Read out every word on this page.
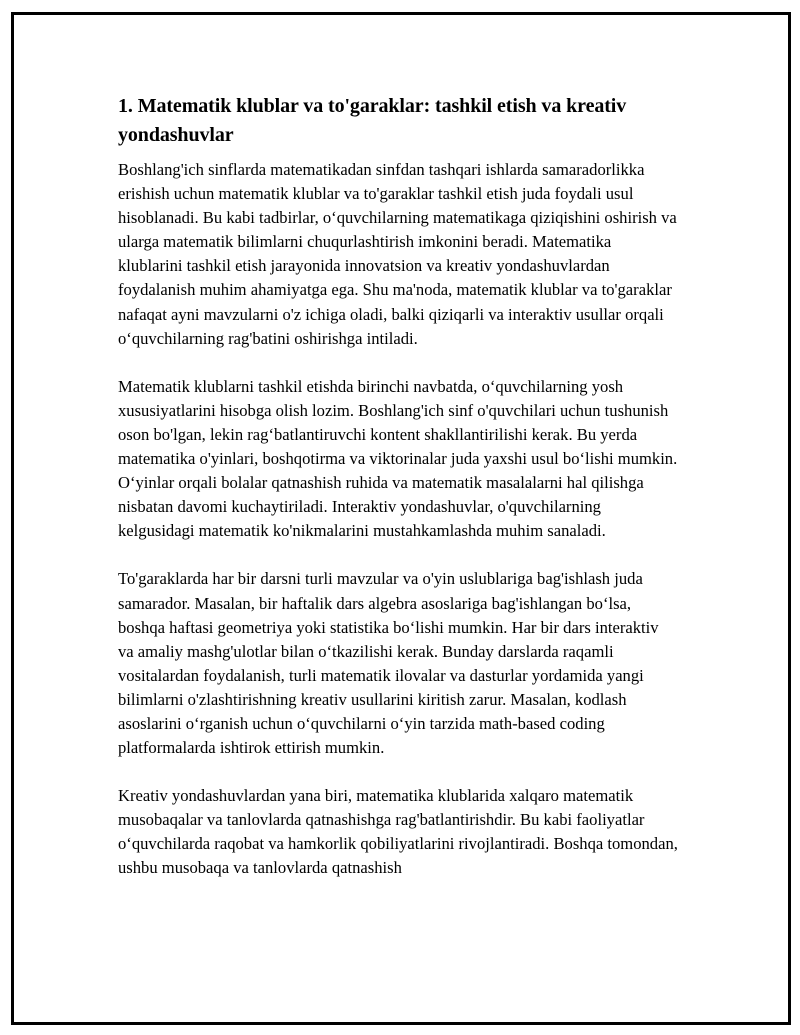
1. Matematik klublar va to'garaklar: tashkil etish va kreativ yondashuvlar

Boshlang'ich sinflarda matematikadan sinfdan tashqari ishlarda samaradorlikka erishish uchun matematik klublar va to'garaklar tashkil etish juda foydali usul hisoblanadi. Bu kabi tadbirlar, o‘quvchilarning matematikaga qiziqishini oshirish va ularga matematik bilimlarni chuqurlashtirish imkonini beradi. Matematika klublarini tashkil etish jarayonida innovatsion va kreativ yondashuvlardan foydalanish muhim ahamiyatga ega. Shu ma'noda, matematik klublar va to'garaklar nafaqat ayni mavzularni o'z ichiga oladi, balki qiziqarli va interaktiv usullar orqali o‘quvchilarning rag'batini oshirishga intiladi.

Matematik klublarni tashkil etishda birinchi navbatda, o‘quvchilarning yosh xususiyatlarini hisobga olish lozim. Boshlang'ich sinf o'quvchilari uchun tushunish oson bo'lgan, lekin rag‘batlantiruvchi kontent shakllantirilishi kerak. Bu yerda matematika o'yinlari, boshqotirma va viktorinalar juda yaxshi usul bo‘lishi mumkin. O‘yinlar orqali bolalar qatnashish ruhida va matematik masalalarni hal qilishga nisbatan davomi kuchaytiriladi. Interaktiv yondashuvlar, o'quvchilarning kelgusidagi matematik ko'nikmalarini mustahkamlashda muhim sanaladi.

To'garaklarda har bir darsni turli mavzular va o'yin uslublariga bag'ishlash juda samarador. Masalan, bir haftalik dars algebra asoslariga bag'ishlangan bo‘lsa, boshqa haftasi geometriya yoki statistika bo‘lishi mumkin. Har bir dars interaktiv va amaliy mashg'ulotlar bilan o‘tkazilishi kerak. Bunday darslarda raqamli vositalardan foydalanish, turli matematik ilovalar va dasturlar yordamida yangi bilimlarni o'zlashtirishning kreativ usullarini kiritish zarur. Masalan, kodlash asoslarini o‘rganish uchun o‘quvchilarni o‘yin tarzida math-based coding platformalarda ishtirok ettirish mumkin.

Kreativ yondashuvlardan yana biri, matematika klublarida xalqaro matematik musobaqalar va tanlovlarda qatnashishga rag'batlantirishdir. Bu kabi faoliyatlar o‘quvchilarda raqobat va hamkorlik qobiliyatlarini rivojlantiradi. Boshqa tomondan, ushbu musobaqa va tanlovlarda qatnashish
